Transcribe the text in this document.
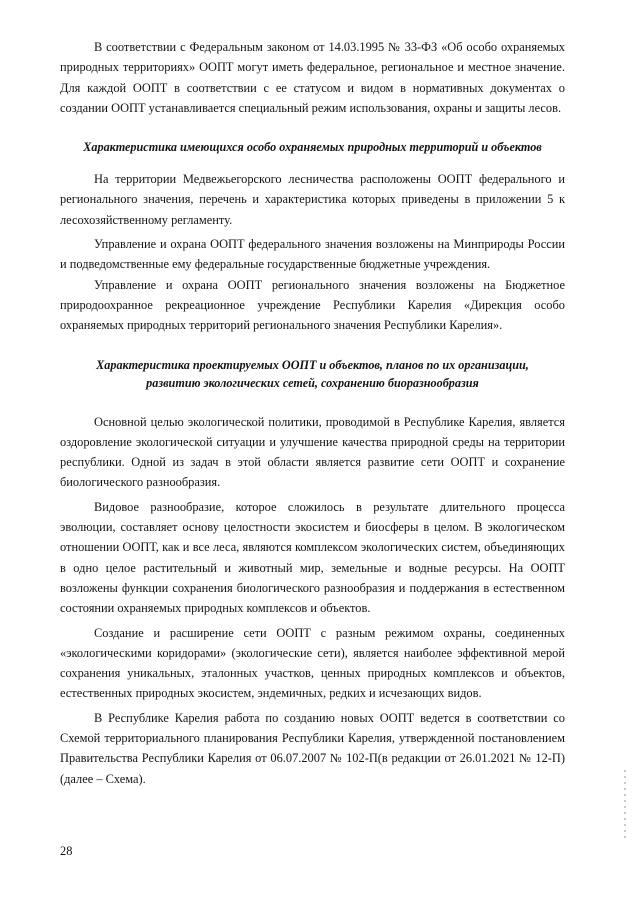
В соответствии с Федеральным законом от 14.03.1995 № 33-ФЗ «Об особо охраняемых природных территориях» ООПТ могут иметь федеральное, региональное и местное значение. Для каждой ООПТ в соответствии с ее статусом и видом в нормативных документах о создании ООПТ устанавливается специальный режим использования, охраны и защиты лесов.

Характеристика имеющихся особо охраняемых природных территорий и объектов

На территории Медвежьегорского лесничества расположены ООПТ федерального и регионального значения, перечень и характеристика которых приведены в приложении 5 к лесохозяйственному регламенту.

Управление и охрана ООПТ федерального значения возложены на Минприроды России и подведомственные ему федеральные государственные бюджетные учреждения.

Управление и охрана ООПТ регионального значения возложены на Бюджетное природоохранное рекреационное учреждение Республики Карелия «Дирекция особо охраняемых природных территорий регионального значения Республики Карелия».

Характеристика проектируемых ООПТ и объектов, планов по их организации, развитию экологических сетей, сохранению биоразнообразия

Основной целью экологической политики, проводимой в Республике Карелия, является оздоровление экологической ситуации и улучшение качества природной среды на территории республики. Одной из задач в этой области является развитие сети ООПТ и сохранение биологического разнообразия.

Видовое разнообразие, которое сложилось в результате длительного процесса эволюции, составляет основу целостности экосистем и биосферы в целом. В экологическом отношении ООПТ, как и все леса, являются комплексом экологических систем, объединяющих в одно целое растительный и животный мир, земельные и водные ресурсы. На ООПТ возложены функции сохранения биологического разнообразия и поддержания в естественном состоянии охраняемых природных комплексов и объектов.

Создание и расширение сети ООПТ с разным режимом охраны, соединенных «экологическими коридорами» (экологические сети), является наиболее эффективной мерой сохранения уникальных, эталонных участков, ценных природных комплексов и объектов, естественных природных экосистем, эндемичных, редких и исчезающих видов.

В Республике Карелия работа по созданию новых ООПТ ведется в соответствии со Схемой территориального планирования Республики Карелия, утвержденной постановлением Правительства Республики Карелия от 06.07.2007 № 102-П(в редакции от 26.01.2021 № 12-П)(далее – Схема).

28
